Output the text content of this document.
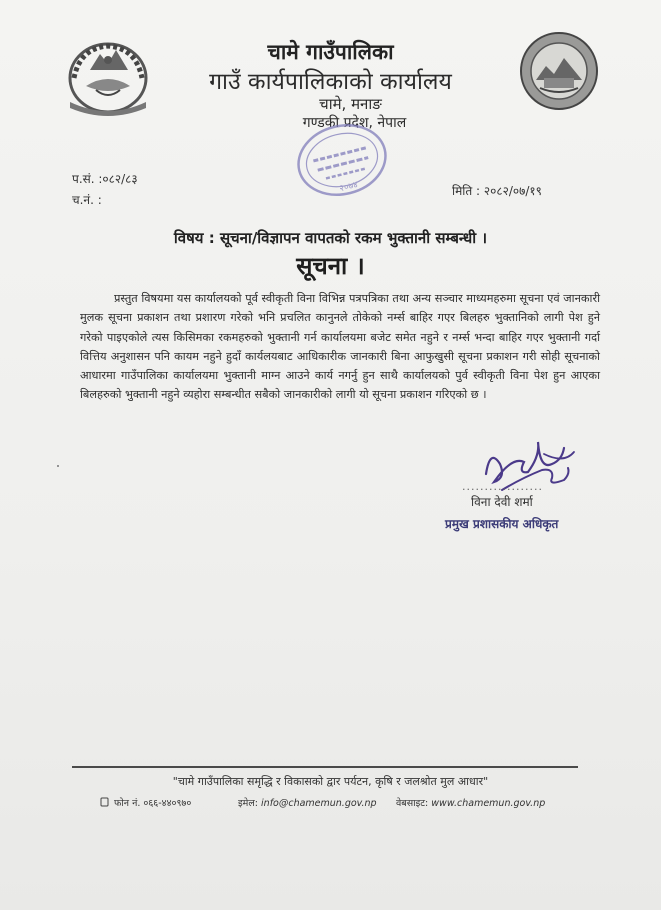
चामे गाउँपालिका
गाउँ कार्यपालिकाको कार्यालय
चामे, मनाङ
गण्डकी प्रदेश, नेपाल
२०७४
प.सं. :०८२/८३
च.नं. :
मिति : २०८२/०७/१९
विषय : सूचना/विज्ञापन वापतको रकम भुक्तानी सम्बन्धी ।
सूचना ।
प्रस्तुत विषयमा यस कार्यालयको पूर्व स्वीकृती विना विभिन्न पत्रपत्रिका तथा अन्य सञ्चार माध्यमहरुमा सूचना एवं जानकारी मुलक सूचना प्रकाशन तथा प्रशारण गरेको भनि प्रचलित कानुनले तोकेको नर्म्स बाहिर गएर बिलहरु भुक्तानिको लागी पेश हुने गरेको पाइएकोले त्यस किसिमका रकमहरुको भुक्तानी गर्न कार्यालयमा बजेट समेत नहुने र नर्म्स भन्दा बाहिर गएर भुक्तानी गर्दा वित्तिय अनुशासन पनि कायम नहुने हुदाँ कार्यलयबाट आधिकारीक जानकारी बिना आफुखुसी सूचना प्रकाशन गरी सोही सूचनाको आधारमा गाउँपालिका कार्यालयमा भुक्तानी माग्न आउने कार्य नगर्नु हुन साथै कार्यालयको पुर्व स्वीकृती विना पेश हुन आएका बिलहरुको भुक्तानी नहुने व्यहोरा सम्बन्धीत सबैको जानकारीको लागी यो सूचना प्रकाशन गरिएको छ ।
..................
विना देवी शर्मा
प्रमुख प्रशासकीय अधिकृत
"चामे गाउँपालिका समृद्धि र विकासको द्वार पर्यटन, कृषि र जलश्रोत मुल आधार"
फोन नं. ०६६-४४०९७०	इमेल: info@chamemun.gov.np वेबसाइट: www.chamemun.gov.np
